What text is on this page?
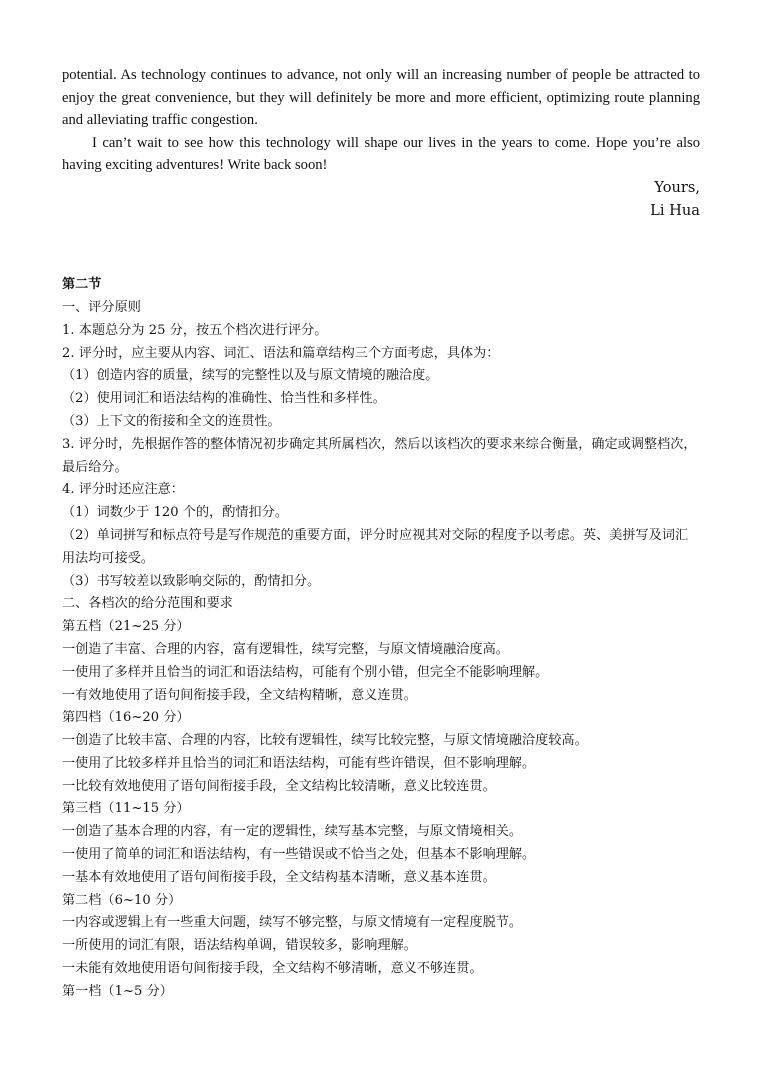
potential. As technology continues to advance, not only will an increasing number of people be attracted to enjoy the great convenience, but they will definitely be more and more efficient, optimizing route planning and alleviating traffic congestion.

I can’t wait to see how this technology will shape our lives in the years to come. Hope you’re also having exciting adventures! Write back soon!

Yours,
Li Hua
第二节
一、评分原则
1. 本题总分为 25 分，按五个档次进行评分。
2. 评分时，应主要从内容、词汇、语法和篇章结构三个方面考虑，具体为：
（1）创造内容的质量，续写的完整性以及与原文情境的融洽度。
（2）使用词汇和语法结构的准确性、恰当性和多样性。
（3）上下文的衔接和全文的连贯性。
3. 评分时，先根据作答的整体情况初步确定其所属档次，然后以该档次的要求来综合衡量，确定或调整档次，最后给分。
4. 评分时还应注意：
（1）词数少于 120 个的，酌情扣分。
（2）单词拼写和标点符号是写作规范的重要方面，评分时应视其对交际的程度予以考虑。英、美拼写及词汇用法均可接受。
（3）书写较差以致影响交际的，酌情扣分。
二、各档次的给分范围和要求
第五档（21~25 分）
一创造了丰富、合理的内容，富有逻辑性，续写完整，与原文情境融洽度高。
一使用了多样并且恰当的词汇和语法结构，可能有个别小错，但完全不能影响理解。
一有效地使用了语句间衔接手段，全文结构精晰，意义连贯。
第四档（16~20 分）
一创造了比较丰富、合理的内容，比较有逻辑性，续写比较完整，与原文情境融洽度较高。
一使用了比较多样并且恰当的词汇和语法结构，可能有些许错误，但不影响理解。
一比较有效地使用了语句间衔接手段，全文结构比较清晰，意义比较连贯。
第三档（11~15 分）
一创造了基本合理的内容，有一定的逻辑性，续写基本完整，与原文情境相关。
一使用了简单的词汇和语法结构，有一些错误或不恰当之处，但基本不影响理解。
一基本有效地使用了语句间衔接手段，全文结构基本清晰，意义基本连贯。
第二档（6~10 分）
一内容或逻辑上有一些重大问题，续写不够完整，与原文情境有一定程度脱节。
一所使用的词汇有限，语法结构单调，错误较多，影响理解。
一未能有效地使用语句间衔接手段，全文结构不够清晰，意义不够连贯。
第一档（1~5 分）
